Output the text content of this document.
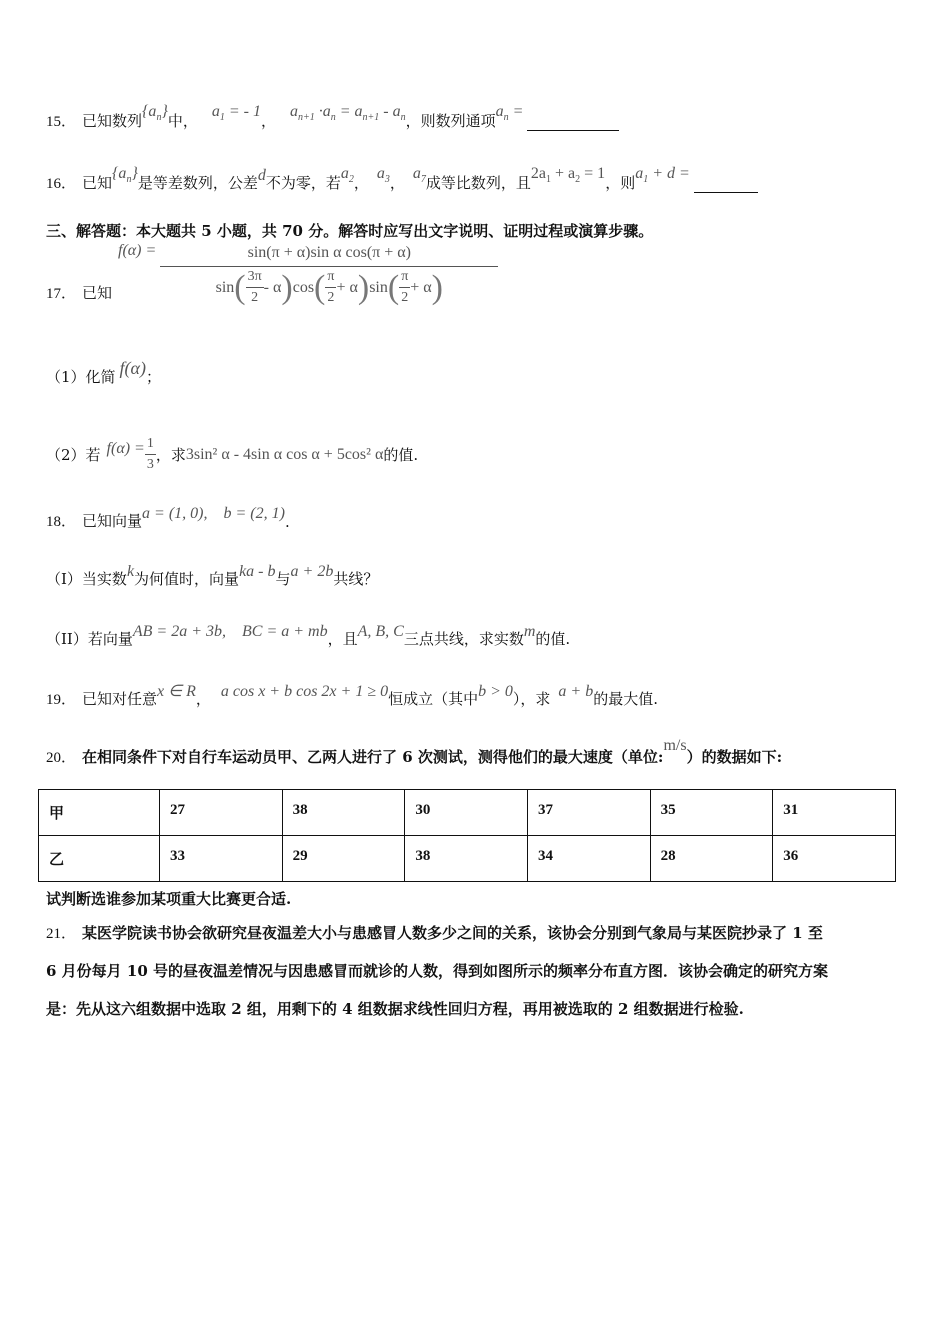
15． 已知数列
$\{a_n\}$
中，
$a_1$ = - 1
，
$a_{n+1} \cdot a_n = a_{n+1} - a_n$ ，则数列通项
$a_n$ =
16． 已知
$\{a_n\}$
是等差数列，公差 d 不为零，若
$a_2$ ，
$a_3$ ，
$a_7$ 成等比数列，且
$2a_1 + a_2 = 1$
，则
$a_1 + d$ =
三、解答题：本大题共 5 小题，共 70 分。解答时应写出文字说明、证明过程或演算步骤。
17． 已知
f(α) =	sin(π + α)sin α cos(π + α)
sin ( $\frac{3\pi}{2}$ - α ) cos ( $\frac{\pi}{2} + \alpha$ ) sin ( $\frac{\pi}{2} + \alpha$ )
（1）化简 f(α) ；
（2）若 $f(\alpha) = \frac{1}{3}$ ，求 3sin² α - 4sin α cos α + 5cos² α 的值.
18． 已知向量 a = (1, 0),    b = (2, 1) .
（I）当实数 k 为何值时，向量 ka - b 与 a + 2b 共线？
（II）若向量 AB = 2a + 3b,    BC = a + mb ，且 A, B, C 三点共线，求实数 m 的值.
19． 已知对任意 x ∈ R ， a cos x + b cos 2x + 1 ≥ 0 恒成立（其中 b > 0 ），求 a + b 的最大值.
20． 在相同条件下对自行车运动员甲、乙两人进行了 6 次测试，测得他们的最大速度（单位:
m/s
）的数据如下:
甲	27	38	30	37	35	31
乙	33	29	38	34	28	36
试判断选谁参加某项重大比赛更合适.
21． 某医学院读书协会欲研究昼夜温差大小与患感冒人数多少之间的关系，该协会分别到气象局与某医院抄录了 1 至
6 月份每月 10 号的昼夜温差情况与因患感冒而就诊的人数，得到如图所示的频率分布直方图．该协会确定的研究方案
是：先从这六组数据中选取 2 组，用剩下的 4 组数据求线性回归方程，再用被选取的 2 组数据进行检验.
